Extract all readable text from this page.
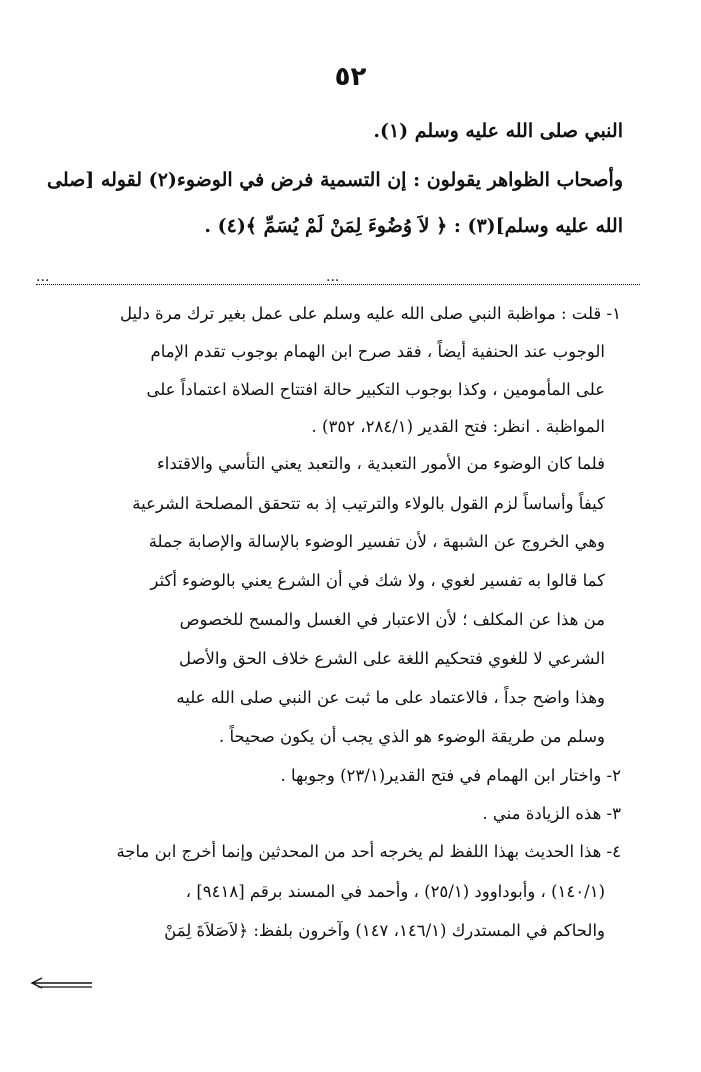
٥٢
النبي صلى الله عليه وسلم (١).
وأصحاب الظواهر يقولون : إن التسمية فرض في الوضوء(٢) لقوله [صلى
الله عليه وسلم](٣) : ﴿ لاَ وُضُوءَ لِمَنْ لَمْ يُسَمِّ ﴾(٤) .
...	...
١- قلت : مواظبة النبي صلى الله عليه وسلم على عمل بغير ترك مرة دليل
الوجوب عند الحنفية أيضاً ، فقد صرح ابن الهمام بوجوب تقدم الإمام
على المأمومين ، وكذا بوجوب التكبير حالة افتتاح الصلاة اعتماداً على
المواظبة . انظر: فتح القدير (٢٨٤/١، ٣٥٢) .
فلما كان الوضوء من الأمور التعبدية ، والتعبد يعني التأسي والاقتداء
كيفاً وأساساً لزم القول بالولاء والترتيب إذ به تتحقق المصلحة الشرعية
وهي الخروج عن الشبهة ، لأن تفسير الوضوء بالإسالة والإصابة جملة
كما قالوا به تفسير لغوي ، ولا شك في أن الشرع يعني بالوضوء أكثر
من هذا عن المكلف ؛ لأن الاعتبار في الغسل والمسح للخصوص
الشرعي لا للغوي فتحكيم اللغة على الشرع خلاف الحق والأصل
وهذا واضح جداً ، فالاعتماد على ما ثبت عن النبي صلى الله عليه
وسلم من طريقة الوضوء هو الذي يجب أن يكون صحيحاً .
٢- واختار ابن الهمام في فتح القدير(٢٣/١) وجوبها .
٣- هذه الزيادة مني .
٤- هذا الحديث بهذا اللفظ لم يخرجه أحد من المحدثين وإنما أخرج ابن ماجة
(١٤٠/١) ، وأبوداوود (٢٥/١) ، وأحمد في المسند برقم [٩٤١٨] ،
والحاكم في المستدرك (١٤٦/١، ١٤٧) وآخرون بلفظ: ﴿لاَصَلاَةَ لِمَنْ
